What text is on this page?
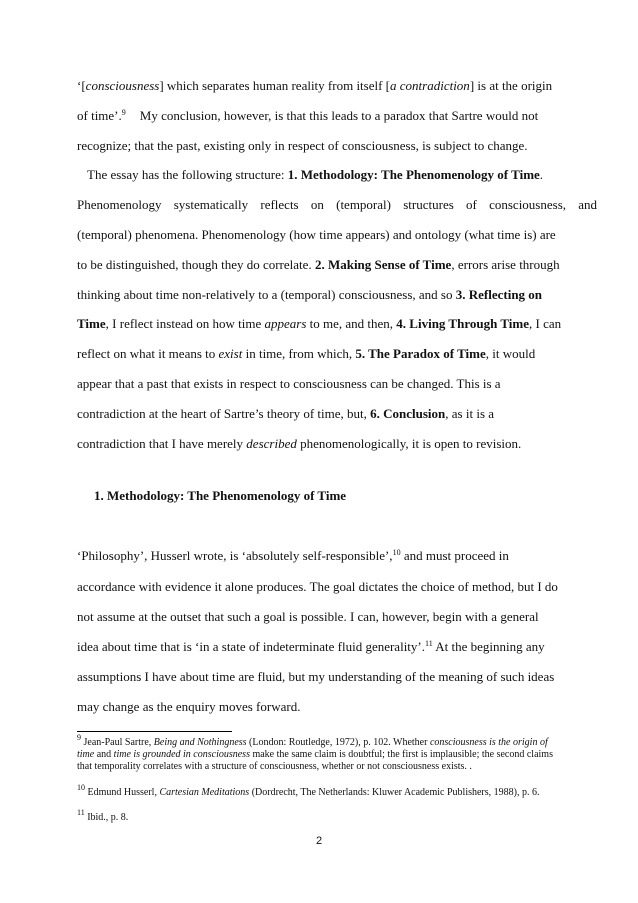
‘[consciousness] which separates human reality from itself [a contradiction] is at the origin
of time’.$^9$ My conclusion, however, is that this leads to a paradox that Sartre would not
recognize; that the past, existing only in respect of consciousness, is subject to change.
The essay has the following structure: 1. Methodology: The Phenomenology of Time.
Phenomenology systematically reflects on (temporal) structures of consciousness, and
(temporal) phenomena. Phenomenology (how time appears) and ontology (what time is) are
to be distinguished, though they do correlate. 2. Making Sense of Time, errors arise through
thinking about time non-relatively to a (temporal) consciousness, and so 3. Reflecting on
Time, I reflect instead on how time appears to me, and then, 4. Living Through Time, I can
reflect on what it means to exist in time, from which, 5. The Paradox of Time, it would
appear that a past that exists in respect to consciousness can be changed. This is a
contradiction at the heart of Sartre’s theory of time, but, 6. Conclusion, as it is a
contradiction that I have merely described phenomenologically, it is open to revision.
1. Methodology: The Phenomenology of Time
‘Philosophy’, Husserl wrote, is ‘absolutely self-responsible’,$^{10}$ and must proceed in
accordance with evidence it alone produces. The goal dictates the choice of method, but I do
not assume at the outset that such a goal is possible. I can, however, begin with a general
idea about time that is ‘in a state of indeterminate fluid generality’.$^{11}$ At the beginning any
assumptions I have about time are fluid, but my understanding of the meaning of such ideas
may change as the enquiry moves forward.
$^9$ Jean-Paul Sartre, Being and Nothingness (London: Routledge, 1972), p. 102. Whether consciousness is the origin of time and time is grounded in consciousness make the same claim is doubtful; the first is implausible; the second claims that temporality correlates with a structure of consciousness, whether or not consciousness exists. .
$^{10}$ Edmund Husserl, Cartesian Meditations (Dordrecht, The Netherlands: Kluwer Academic Publishers, 1988), p. 6.
$^{11}$ Ibid., p. 8.
2
